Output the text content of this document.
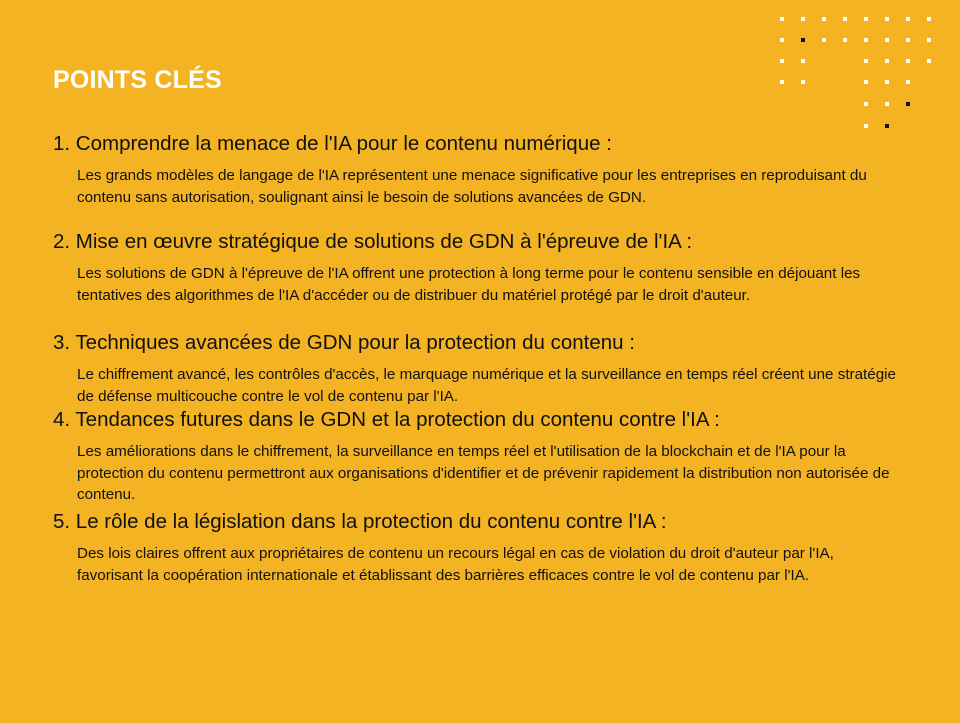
POINTS CLÉS
1. Comprendre la menace de l'IA pour le contenu numérique :

Les grands modèles de langage de l'IA représentent une menace significative pour les entreprises en reproduisant du contenu sans autorisation, soulignant ainsi le besoin de solutions avancées de GDN.

2. Mise en œuvre stratégique de solutions de GDN à l'épreuve de l'IA :

Les solutions de GDN à l'épreuve de l'IA offrent une protection à long terme pour le contenu sensible en déjouant les tentatives des algorithmes de l'IA d'accéder ou de distribuer du matériel protégé par le droit d'auteur.

3. Techniques avancées de GDN pour la protection du contenu :

Le chiffrement avancé, les contrôles d'accès, le marquage numérique et la surveillance en temps réel créent une stratégie de défense multicouche contre le vol de contenu par l'IA.

4. Tendances futures dans le GDN et la protection du contenu contre l'IA :

Les améliorations dans le chiffrement, la surveillance en temps réel et l'utilisation de la blockchain et de l'IA pour la protection du contenu permettront aux organisations d'identifier et de prévenir rapidement la distribution non autorisée de contenu.

5. Le rôle de la législation dans la protection du contenu contre l'IA :

Des lois claires offrent aux propriétaires de contenu un recours légal en cas de violation du droit d'auteur par l'IA, favorisant la coopération internationale et établissant des barrières efficaces contre le vol de contenu par l'IA.
